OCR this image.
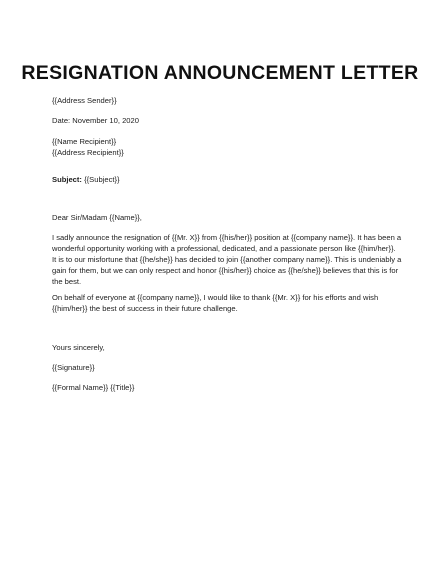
RESIGNATION ANNOUNCEMENT LETTER
{{Address Sender}}
Date: November 10, 2020
{{Name Recipient}}
{{Address Recipient}}
Subject: {{Subject}}
Dear Sir/Madam {{Name}},
I sadly announce the resignation of {{Mr. X}} from {{his/her}} position at {{company name}}. It has been a
wonderful opportunity working with a professional, dedicated, and a passionate person like {{him/her}}.
It is to our misfortune that {{he/she}} has decided to join {{another company name}}. This is undeniably a
gain for them, but we can only respect and honor {{his/her}} choice as {{he/she}} believes that this is for
the best.
On behalf of everyone at {{company name}}, I would like to thank {{Mr. X}} for his efforts and wish
{{him/her}} the best of success in their future challenge.
Yours sincerely,
{{Signature}}
{{Formal Name}} {{Title}}
